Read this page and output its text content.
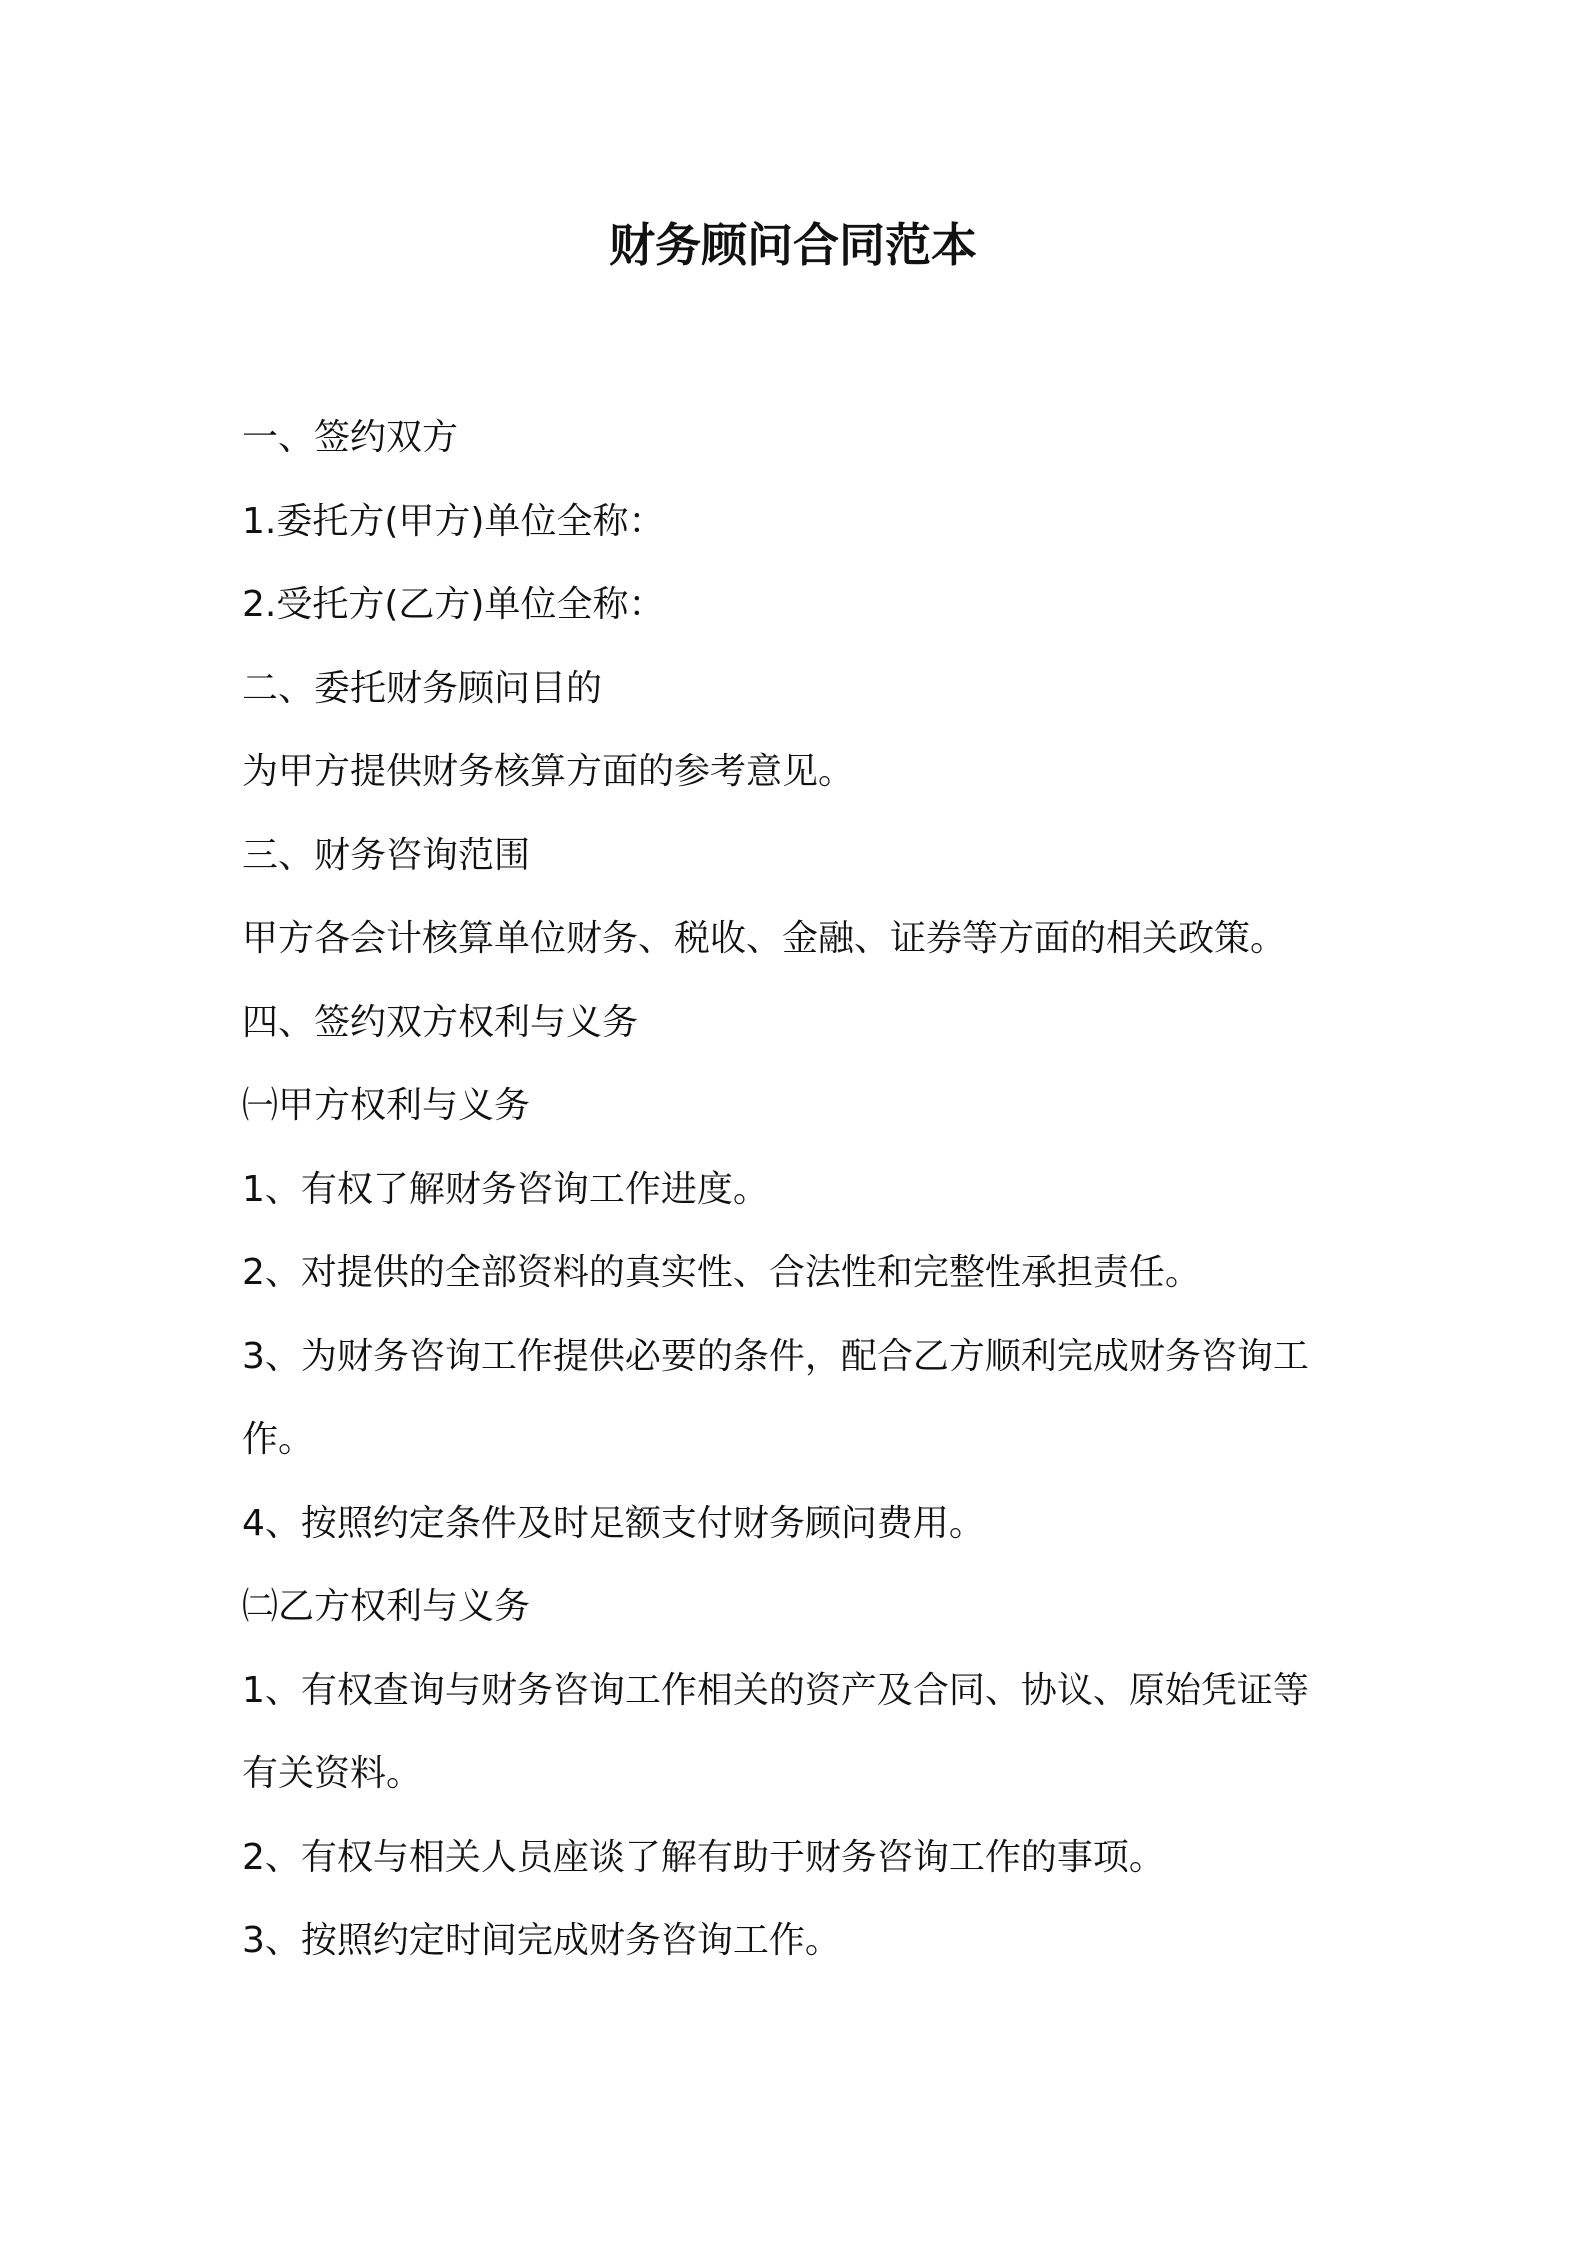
财务顾问合同范本

一、签约双方

1.委托方(甲方)单位全称：

2.受托方(乙方)单位全称：

二、委托财务顾问目的

为甲方提供财务核算方面的参考意见。

三、财务咨询范围

甲方各会计核算单位财务、税收、金融、证券等方面的相关政策。

四、签约双方权利与义务

㈠甲方权利与义务

1、有权了解财务咨询工作进度。

2、对提供的全部资料的真实性、合法性和完整性承担责任。

3、为财务咨询工作提供必要的条件，配合乙方顺利完成财务咨询工

作。

4、按照约定条件及时足额支付财务顾问费用。

㈡乙方权利与义务

1、有权查询与财务咨询工作相关的资产及合同、协议、原始凭证等

有关资料。

2、有权与相关人员座谈了解有助于财务咨询工作的事项。

3、按照约定时间完成财务咨询工作。
